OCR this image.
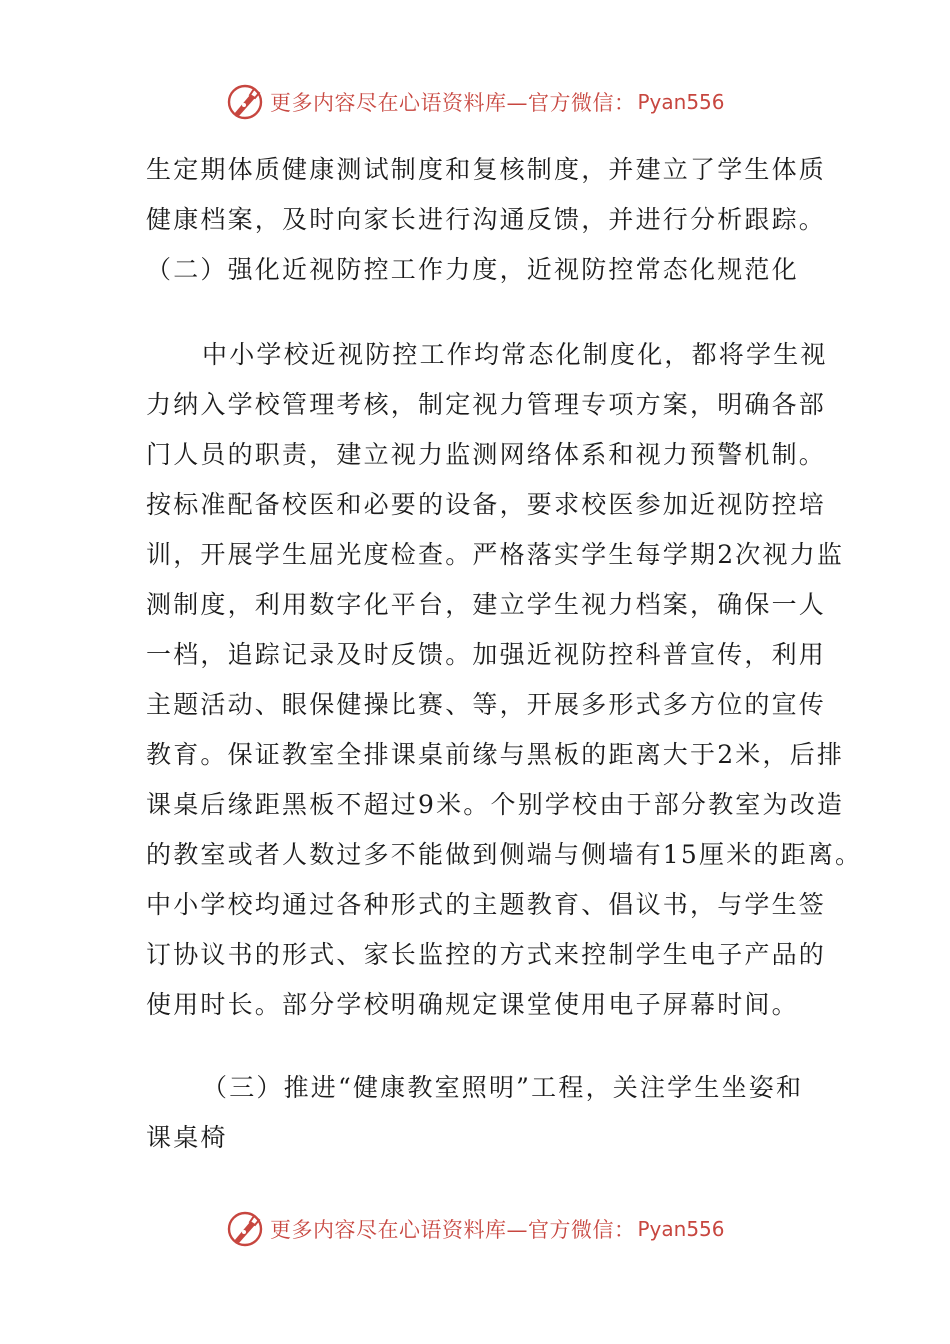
更多内容尽在心语资料库—官方微信： Pyan556
生定期体质健康测试制度和复核制度，并建立了学生体质
健康档案，及时向家长进行沟通反馈，并进行分析跟踪。
（二）强化近视防控工作力度，近视防控常态化规范化
中小学校近视防控工作均常态化制度化，都将学生视
力纳入学校管理考核，制定视力管理专项方案，明确各部
门人员的职责，建立视力监测网络体系和视力预警机制。
按标准配备校医和必要的设备，要求校医参加近视防控培
训，开展学生屈光度检查。严格落实学生每学期2次视力监
测制度，利用数字化平台，建立学生视力档案，确保一人
一档，追踪记录及时反馈。加强近视防控科普宣传，利用
主题活动、眼保健操比赛、等，开展多形式多方位的宣传
教育。保证教室全排课桌前缘与黑板的距离大于2米，后排
课桌后缘距黑板不超过9米。个别学校由于部分教室为改造
的教室或者人数过多不能做到侧端与侧墙有15厘米的距离。
中小学校均通过各种形式的主题教育、倡议书，与学生签
订协议书的形式、家长监控的方式来控制学生电子产品的
使用时长。部分学校明确规定课堂使用电子屏幕时间。
（三）推进“健康教室照明”工程，关注学生坐姿和
课桌椅
更多内容尽在心语资料库—官方微信： Pyan556
